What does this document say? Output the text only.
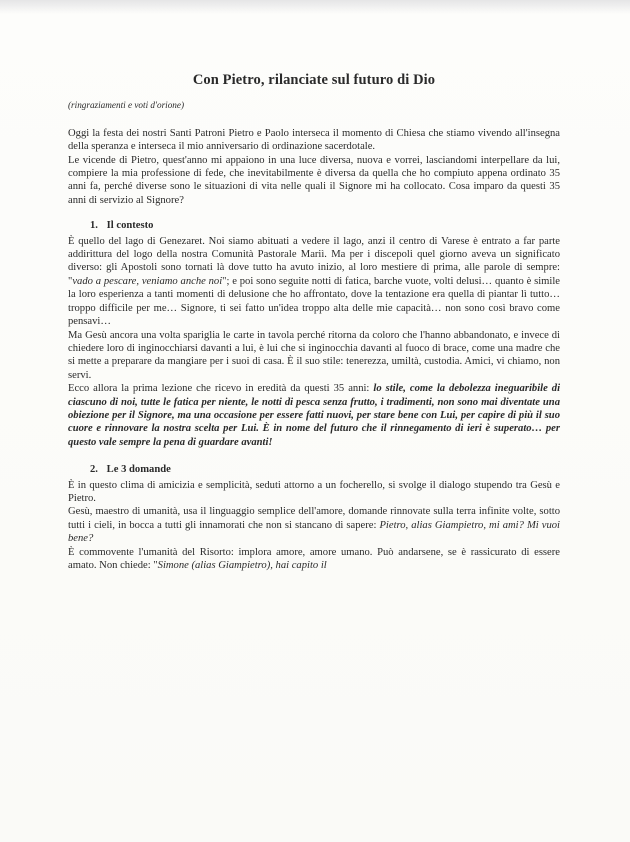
Con Pietro, rilanciate sul futuro di Dio
(ringraziamenti e voti d'orione)

Oggi la festa dei nostri Santi Patroni Pietro e Paolo interseca il momento di Chiesa che stiamo vivendo all'insegna della speranza e interseca il mio anniversario di ordinazione sacerdotale.

Le vicende di Pietro, quest'anno mi appaiono in una luce diversa, nuova e vorrei, lasciandomi interpellare da lui, compiere la mia professione di fede, che inevitabilmente è diversa da quella che ho compiuto appena ordinato 35 anni fa, perché diverse sono le situazioni di vita nelle quali il Signore mi ha collocato. Cosa imparo da questi 35 anni di servizio al Signore?

1. Il contesto

È quello del lago di Genezaret. Noi siamo abituati a vedere il lago, anzi il centro di Varese è entrato a far parte addirittura del logo della nostra Comunità Pastorale Mariì. Ma per i discepoli quel giorno aveva un significato diverso: gli Apostoli sono tornati là dove tutto ha avuto inizio, al loro mestiere di prima, alle parole di sempre: "vado a pescare, veniamo anche noi"; e poi sono seguite notti di fatica, barche vuote, volti delusi… quanto è simile la loro esperienza a tanti momenti di delusione che ho affrontato, dove la tentazione era quella di piantar lì tutto… troppo difficile per me… Signore, ti sei fatto un'idea troppo alta delle mie capacità… non sono così bravo come pensavi…

Ma Gesù ancora una volta sparigliа le carte in tavola perché ritorna da coloro che l'hanno abbandonato, e invece di chiedere loro di inginocchiarsi davanti a lui, è lui che si inginocchia davanti al fuoco di brace, come una madre che si mette a preparare da mangiare per i suoi di casa. È il suo stile: tenerezza, umiltà, custodia. Amici, vi chiamo, non servi.

Ecco allora la prima lezione che ricevo in eredità da questi 35 anni: lo stile, come la debolezza ineguaribile di ciascuno di noi, tutte le fatica per niente, le notti di pesca senza frutto, i tradimenti, non sono mai diventate una obiezione per il Signore, ma una occasione per essere fatti nuovi, per stare bene con Lui, per capire di più il suo cuore e rinnovare la nostra scelta per Lui. È in nome del futuro che il rinnegamento di ieri è superato… per questo vale sempre la pena di guardare avanti!

2. Le 3 domande

È in questo clima di amicizia e semplicità, seduti attorno a un focherello, si svolge il dialogo stupendo tra Gesù e Pietro.

Gesù, maestro di umanità, usa il linguaggio semplice dell'amore, domande rinnovate sulla terra infinite volte, sotto tutti i cieli, in bocca a tutti gli innamorati che non si stancano di sapere: Pietro, alias Giampietro, mi ami? Mi vuoi bene?

È commovente l'umanità del Risorto: implora amore, amore umano. Può andarsene, se è rassicurato di essere amato. Non chiede: "Simone (alias Giampietro), hai capito il
